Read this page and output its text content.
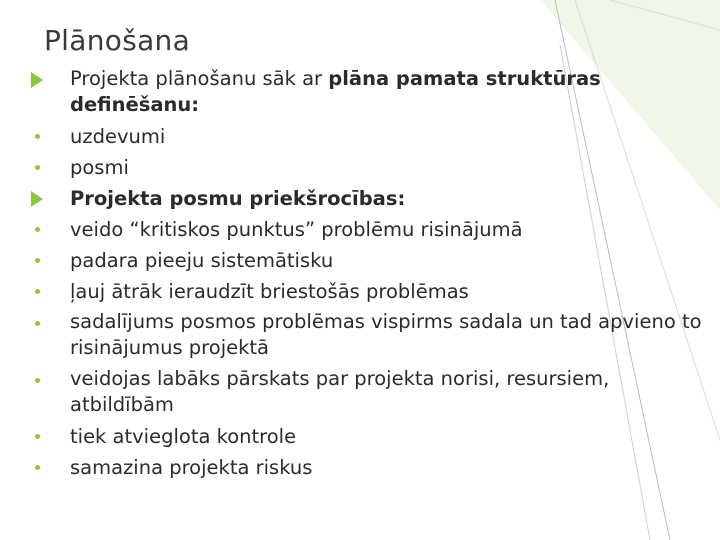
Plānošana
Projekta plānošanu sāk ar plāna pamata struktūras definēšanu:
uzdevumi
posmi
Projekta posmu priekšrocības:
veido “kritiskos punktus” problēmu risinājumā
padara pieeju sistemātisku
ļauj ātrāk ieraudzīt briestošās problēmas
sadalījums posmos problēmas vispirms sadala un tad apvieno to risinājumus projektā
veidojas labāks pārskats par projekta norisi, resursiem, atbildībām
tiek atvieglota kontrole
samazina projekta riskus
